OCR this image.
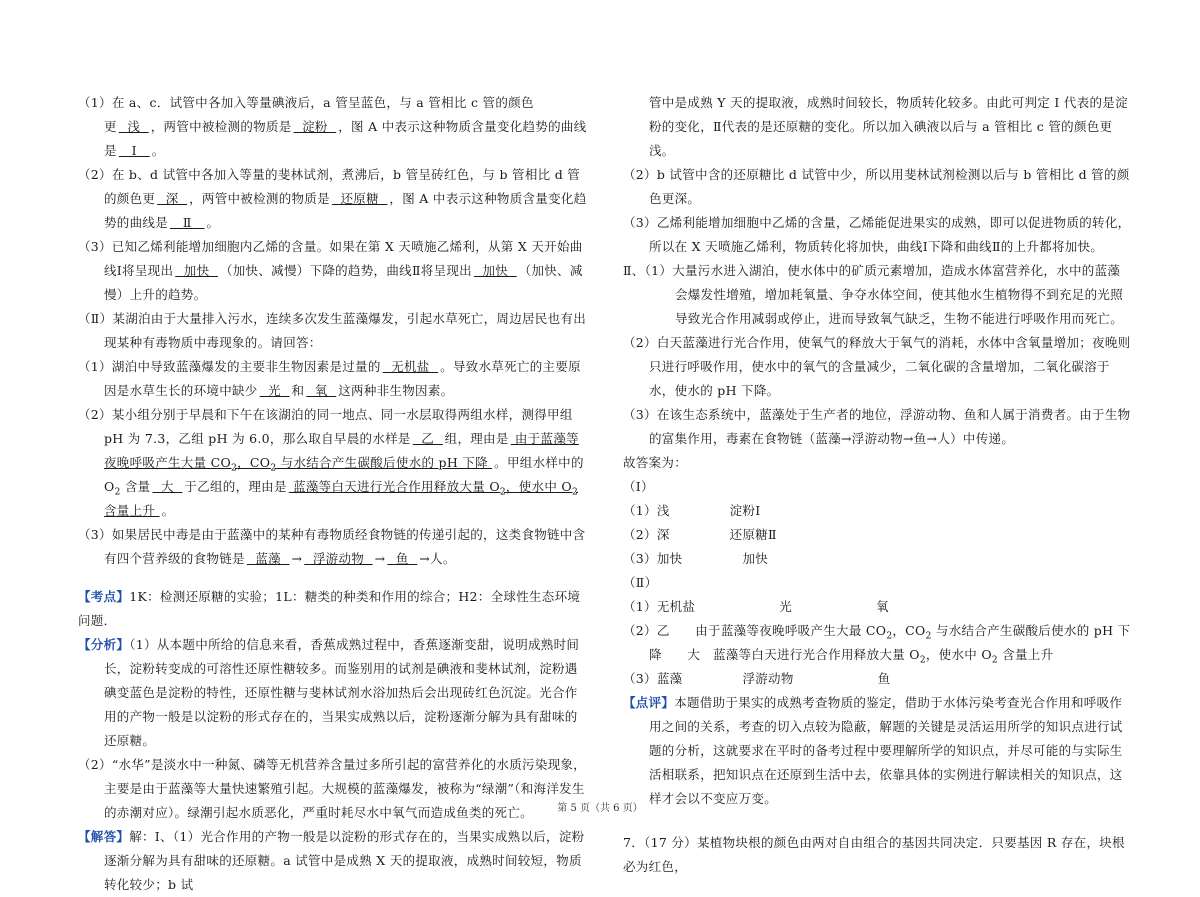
（1）在 a、c．试管中各加入等量碘液后，a 管呈蓝色，与 a 管相比 c 管的颜色更  浅  ，两管中被检测的物质是  淀粉  ，图 A 中表示这种物质含量变化趋势的曲线是   Ⅰ   。

（2）在 b、d 试管中各加入等量的斐林试剂，煮沸后，b 管呈砖红色，与 b 管相比 d 管的颜色更  深  ，两管中被检测的物质是  还原糖  ，图 A 中表示这种物质含量变化趋势的曲线是   Ⅱ   。

（3）已知乙烯利能增加细胞内乙烯的含量。如果在第 X 天喷施乙烯利，从第 X 天开始曲线Ⅰ将呈现出  加快  （加快、减慢）下降的趋势，曲线Ⅱ将呈现出  加快  （加快、减慢）上升的趋势。

（Ⅱ）某湖泊由于大量排入污水，连续多次发生蓝藻爆发，引起水草死亡，周边居民也有出现某种有毒物质中毒现象的。请回答：

（1）湖泊中导致蓝藻爆发的主要非生物因素是过量的  无机盐  。导致水草死亡的主要原因是水草生长的环境中缺少  光  和  氧  这两种非生物因素。

（2）某小组分别于早晨和下午在该湖泊的同一地点、同一水层取得两组水样，测得甲组 pH 为 7.3，乙组 pH 为 6.0，那么取自早晨的水样是  乙  组，理由是 由于蓝藻等夜晚呼吸产生大量 $CO_2$，$CO_2$ 与水结合产生碳酸后使水的 pH 下降 。甲组水样中的 $O_2$ 含量  大  于乙组的，理由是 蓝藻等白天进行光合作用释放大量 $O_2$，使水中 $O_2$ 含量上升 。

（3）如果居民中毒是由于蓝藻中的某种有毒物质经食物链的传递引起的，这类食物链中含有四个营养级的食物链是  蓝藻  →  浮游动物  →  鱼  →人。

【考点】1K：检测还原糖的实验；1L：糖类的种类和作用的综合；H2：全球性生态环境问题．

【分析】（1）从本题中所给的信息来看，香蕉成熟过程中，香蕉逐渐变甜，说明成熟时间长，淀粉转变成的可溶性还原性糖较多。而鉴别用的试剂是碘液和斐林试剂，淀粉遇碘变蓝色是淀粉的特性，还原性糖与斐林试剂水浴加热后会出现砖红色沉淀。光合作用的产物一般是以淀粉的形式存在的，当果实成熟以后，淀粉逐渐分解为具有甜味的还原糖。

（2）“水华”是淡水中一种氮、磷等无机营养含量过多所引起的富营养化的水质污染现象，主要是由于蓝藻等大量快速繁殖引起。大规模的蓝藻爆发，被称为“绿潮”（和海洋发生的赤潮对应）。绿潮引起水质恶化，严重时耗尽水中氧气而造成鱼类的死亡。

【解答】解：Ⅰ、（1）光合作用的产物一般是以淀粉的形式存在的，当果实成熟以后，淀粉逐渐分解为具有甜味的还原糖。a 试管中是成熟 X 天的提取液，成熟时间较短，物质转化较少；b 试

管中是成熟 Y 天的提取液，成熟时间较长，物质转化较多。由此可判定 I 代表的是淀粉的变化，Ⅱ代表的是还原糖的变化。所以加入碘液以后与 a 管相比 c 管的颜色更浅。

（2）b 试管中含的还原糖比 d 试管中少，所以用斐林试剂检测以后与 b 管相比 d 管的颜色更深。

（3）乙烯利能增加细胞中乙烯的含量，乙烯能促进果实的成熟，即可以促进物质的转化，所以在 X 天喷施乙烯利，物质转化将加快，曲线Ⅰ下降和曲线Ⅱ的上升都将加快。

Ⅱ、（1）大量污水进入湖泊，使水体中的矿质元素增加，造成水体富营养化，水中的蓝藻会爆发性增殖，增加耗氧量、争夺水体空间，使其他水生植物得不到充足的光照导致光合作用减弱或停止，进而导致氧气缺乏，生物不能进行呼吸作用而死亡。

（2）白天蓝藻进行光合作用，使氧气的释放大于氧气的消耗，水体中含氧量增加；夜晚则只进行呼吸作用，使水中的氧气的含量减少，二氧化碳的含量增加，二氧化碳溶于水，使水的 pH 下降。

（3）在该生态系统中，蓝藻处于生产者的地位，浮游动物、鱼和人属于消费者。由于生物的富集作用，毒素在食物链（蓝藻→浮游动物→鱼→人）中传递。

故答案为：

（Ⅰ）

（1）浅	淀粉Ⅰ

（2）深	还原糖Ⅱ

（3）加快	加快

（Ⅱ）

（1）无机盐	光	氧

（2）乙　　由于蓝藻等夜晚呼吸产生大最 $CO_2$，$CO_2$ 与水结合产生碳酸后使水的 pH 下降　　大　蓝藻等白天进行光合作用释放大量 $O_2$，使水中 $O_2$ 含量上升

（3）蓝藻	浮游动物	鱼

【点评】本题借助于果实的成熟考查物质的鉴定，借助于水体污染考查光合作用和呼吸作用之间的关系，考查的切入点较为隐蔽，解题的关键是灵活运用所学的知识点进行试题的分析，这就要求在平时的备考过程中要理解所学的知识点，并尽可能的与实际生活相联系，把知识点在还原到生活中去，依靠具体的实例进行解读相关的知识点，这样才会以不变应万变。

7．（17 分）某植物块根的颜色由两对自由组合的基因共同决定．只要基因 R 存在，块根必为红色，

第 5 页（共 6 页）
